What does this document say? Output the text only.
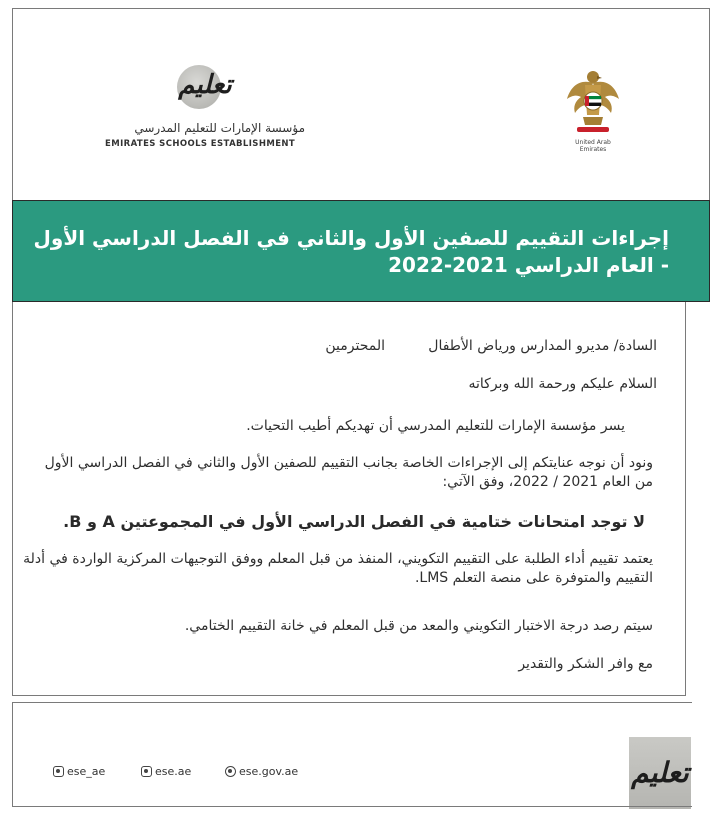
تعليم
مؤسسة الإمارات للتعليم المدرسي
EMIRATES SCHOOLS ESTABLISHMENT	United Arab Emirates
إجراءات التقييم للصفين الأول والثاني في الفصل الدراسي الأول - العام الدراسي 2021-2022
السادة/ مديرو المدارس ورياض الأطفال
المحترمين
السلام عليكم ورحمة الله وبركاته
يسر مؤسسة الإمارات للتعليم المدرسي أن تهديكم أطيب التحيات.
ونود أن نوجه عنايتكم إلى الإجراءات الخاصة بجانب التقييم للصفين الأول والثاني في الفصل الدراسي الأول من العام 2021 / 2022، وفق الآتي:
لا توجد امتحانات ختامية في الفصل الدراسي الأول في المجموعتين A و B.
يعتمد تقييم أداء الطلبة على التقييم التكويني، المنفذ من قبل المعلم ووفق التوجيهات المركزية الواردة في أدلة التقييم والمتوفرة على منصة التعلم LMS.
سيتم رصد درجة الاختبار التكويني والمعد من قبل المعلم في خانة التقييم الختامي.
مع وافر الشكر والتقدير
ese_ae	ese.ae	ese.gov.ae	تعليم
